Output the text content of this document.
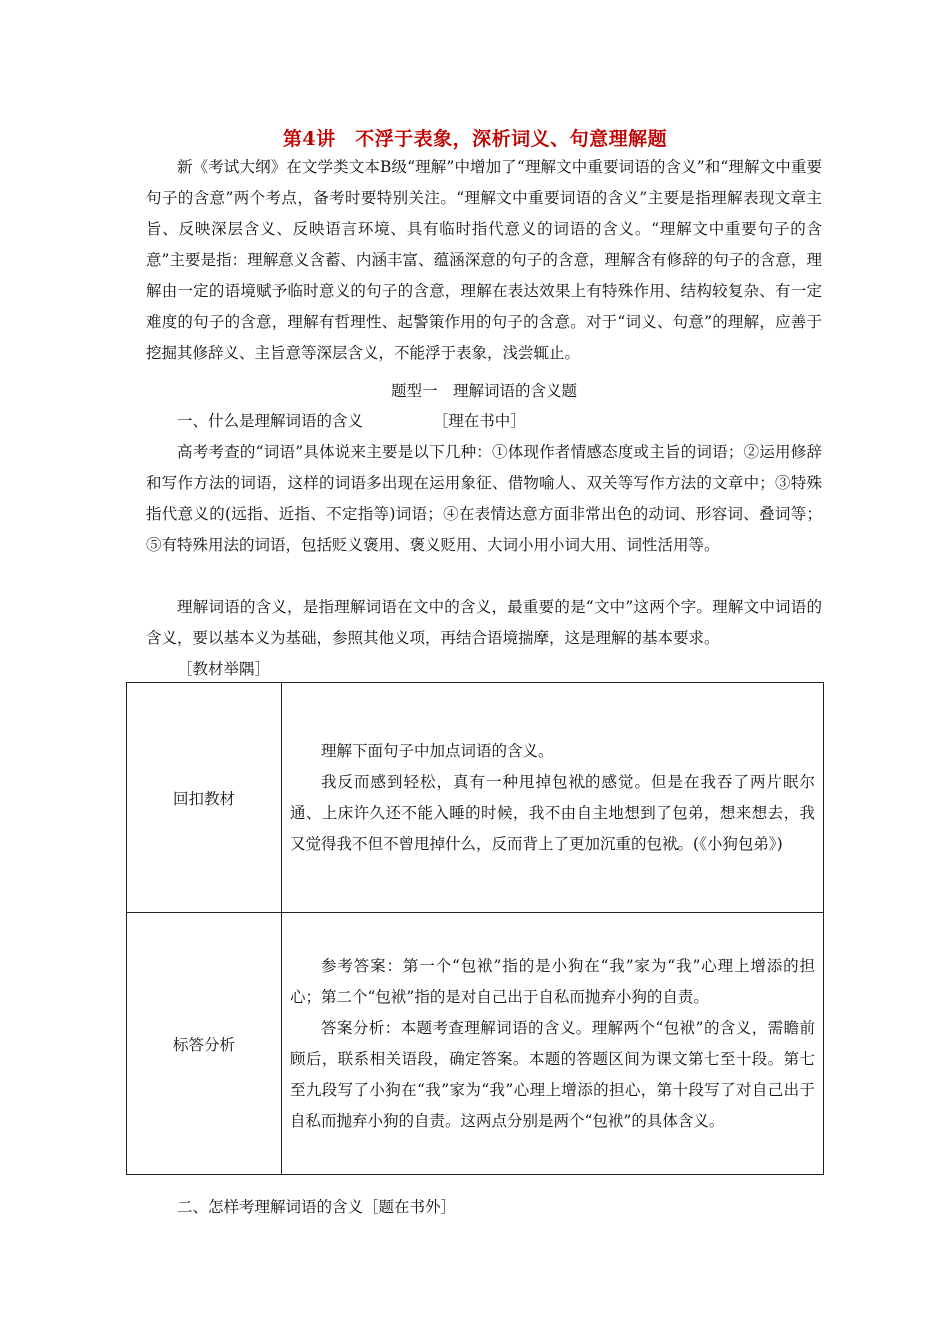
第4讲　不浮于表象，深析词义、句意理解题

新《考试大纲》在文学类文本B级“理解”中增加了“理解文中重要词语的含义”和“理解文中重要句子的含意”两个考点，备考时要特别关注。“理解文中重要词语的含义”主要是指理解表现文章主旨、反映深层含义、反映语言环境、具有临时指代意义的词语的含义。“理解文中重要句子的含意”主要是指：理解意义含蓄、内涵丰富、蕴涵深意的句子的含意，理解含有修辞的句子的含意，理解由一定的语境赋予临时意义的句子的含意，理解在表达效果上有特殊作用、结构较复杂、有一定难度的句子的含意，理解有哲理性、起警策作用的句子的含意。对于“词义、句意”的理解，应善于挖掘其修辞义、主旨意等深层含义，不能浮于表象，浅尝辄止。

题型一　理解词语的含义题

一、什么是理解词语的含义　　　　　［理在书中］

高考考查的“词语”具体说来主要是以下几种：①体现作者情感态度或主旨的词语；②运用修辞和写作方法的词语，这样的词语多出现在运用象征、借物喻人、双关等写作方法的文章中；③特殊指代意义的(远指、近指、不定指等)词语；④在表情达意方面非常出色的动词、形容词、叠词等；⑤有特殊用法的词语，包括贬义褒用、褒义贬用、大词小用小词大用、词性活用等。

理解词语的含义，是指理解词语在文中的含义，最重要的是“文中”这两个字。理解文中词语的含义，要以基本义为基础，参照其他义项，再结合语境揣摩，这是理解的基本要求。

［教材举隅］

回扣教材	理解下面句子中加点词语的含义。

我反而感到轻松，真有一种甩掉包袱的感觉。但是在我吞了两片眠尔通、上床许久还不能入睡的时候，我不由自主地想到了包弟，想来想去，我又觉得我不但不曾甩掉什么，反而背上了更加沉重的包袱。(《小狗包弟》)

标答分析	参考答案：第一个“包袱”指的是小狗在“我”家为“我”心理上增添的担心；第二个“包袱”指的是对自己出于自私而抛弃小狗的自责。

答案分析：本题考查理解词语的含义。理解两个“包袱”的含义，需瞻前顾后，联系相关语段，确定答案。本题的答题区间为课文第七至十段。第七至九段写了小狗在“我”家为“我”心理上增添的担心，第十段写了对自己出于自私而抛弃小狗的自责。这两点分别是两个“包袱”的具体含义。

二、怎样考理解词语的含义［题在书外］
